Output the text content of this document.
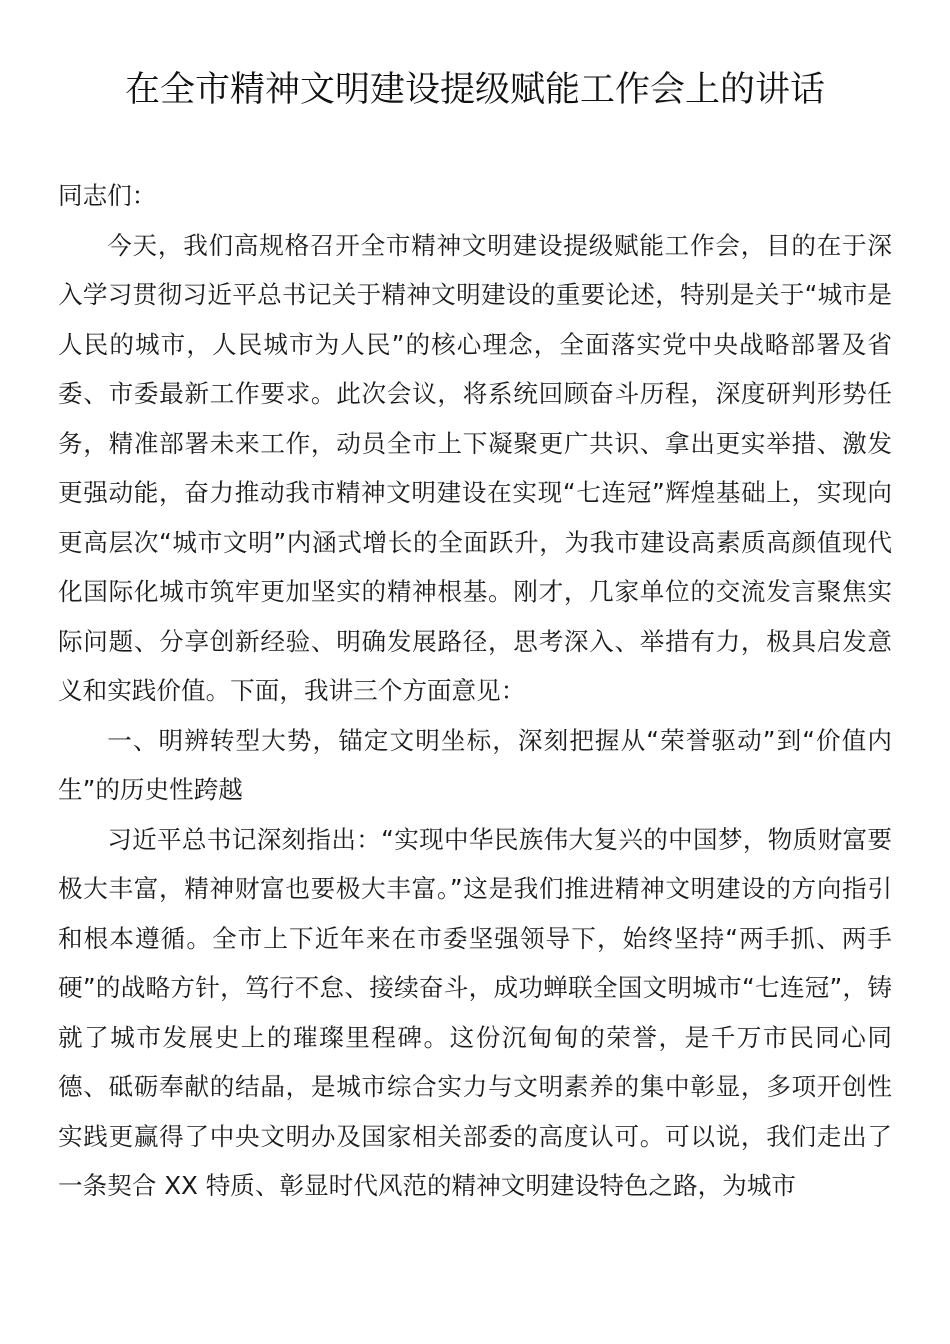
在全市精神文明建设提级赋能工作会上的讲话

同志们：

今天，我们高规格召开全市精神文明建设提级赋能工作会，目的在于深入学习贯彻习近平总书记关于精神文明建设的重要论述，特别是关于“城市是人民的城市，人民城市为人民”的核心理念，全面落实党中央战略部署及省委、市委最新工作要求。此次会议，将系统回顾奋斗历程，深度研判形势任务，精准部署未来工作，动员全市上下凝聚更广共识、拿出更实举措、激发更强动能，奋力推动我市精神文明建设在实现“七连冠”辉煌基础上，实现向更高层次“城市文明”内涵式增长的全面跃升，为我市建设高素质高颜值现代化国际化城市筑牢更加坚实的精神根基。刚才，几家单位的交流发言聚焦实际问题、分享创新经验、明确发展路径，思考深入、举措有力，极具启发意义和实践价值。下面，我讲三个方面意见：

一、明辨转型大势，锚定文明坐标，深刻把握从“荣誉驱动”到“价值内生”的历史性跨越

习近平总书记深刻指出：“实现中华民族伟大复兴的中国梦，物质财富要极大丰富，精神财富也要极大丰富。”这是我们推进精神文明建设的方向指引和根本遵循。全市上下近年来在市委坚强领导下，始终坚持“两手抓、两手硬”的战略方针，笃行不怠、接续奋斗，成功蝉联全国文明城市“七连冠”，铸就了城市发展史上的璀璨里程碑。这份沉甸甸的荣誉，是千万市民同心同德、砥砺奉献的结晶，是城市综合实力与文明素养的集中彰显，多项开创性实践更赢得了中央文明办及国家相关部委的高度认可。可以说，我们走出了一条契合 XX 特质、彰显时代风范的精神文明建设特色之路，为城市
